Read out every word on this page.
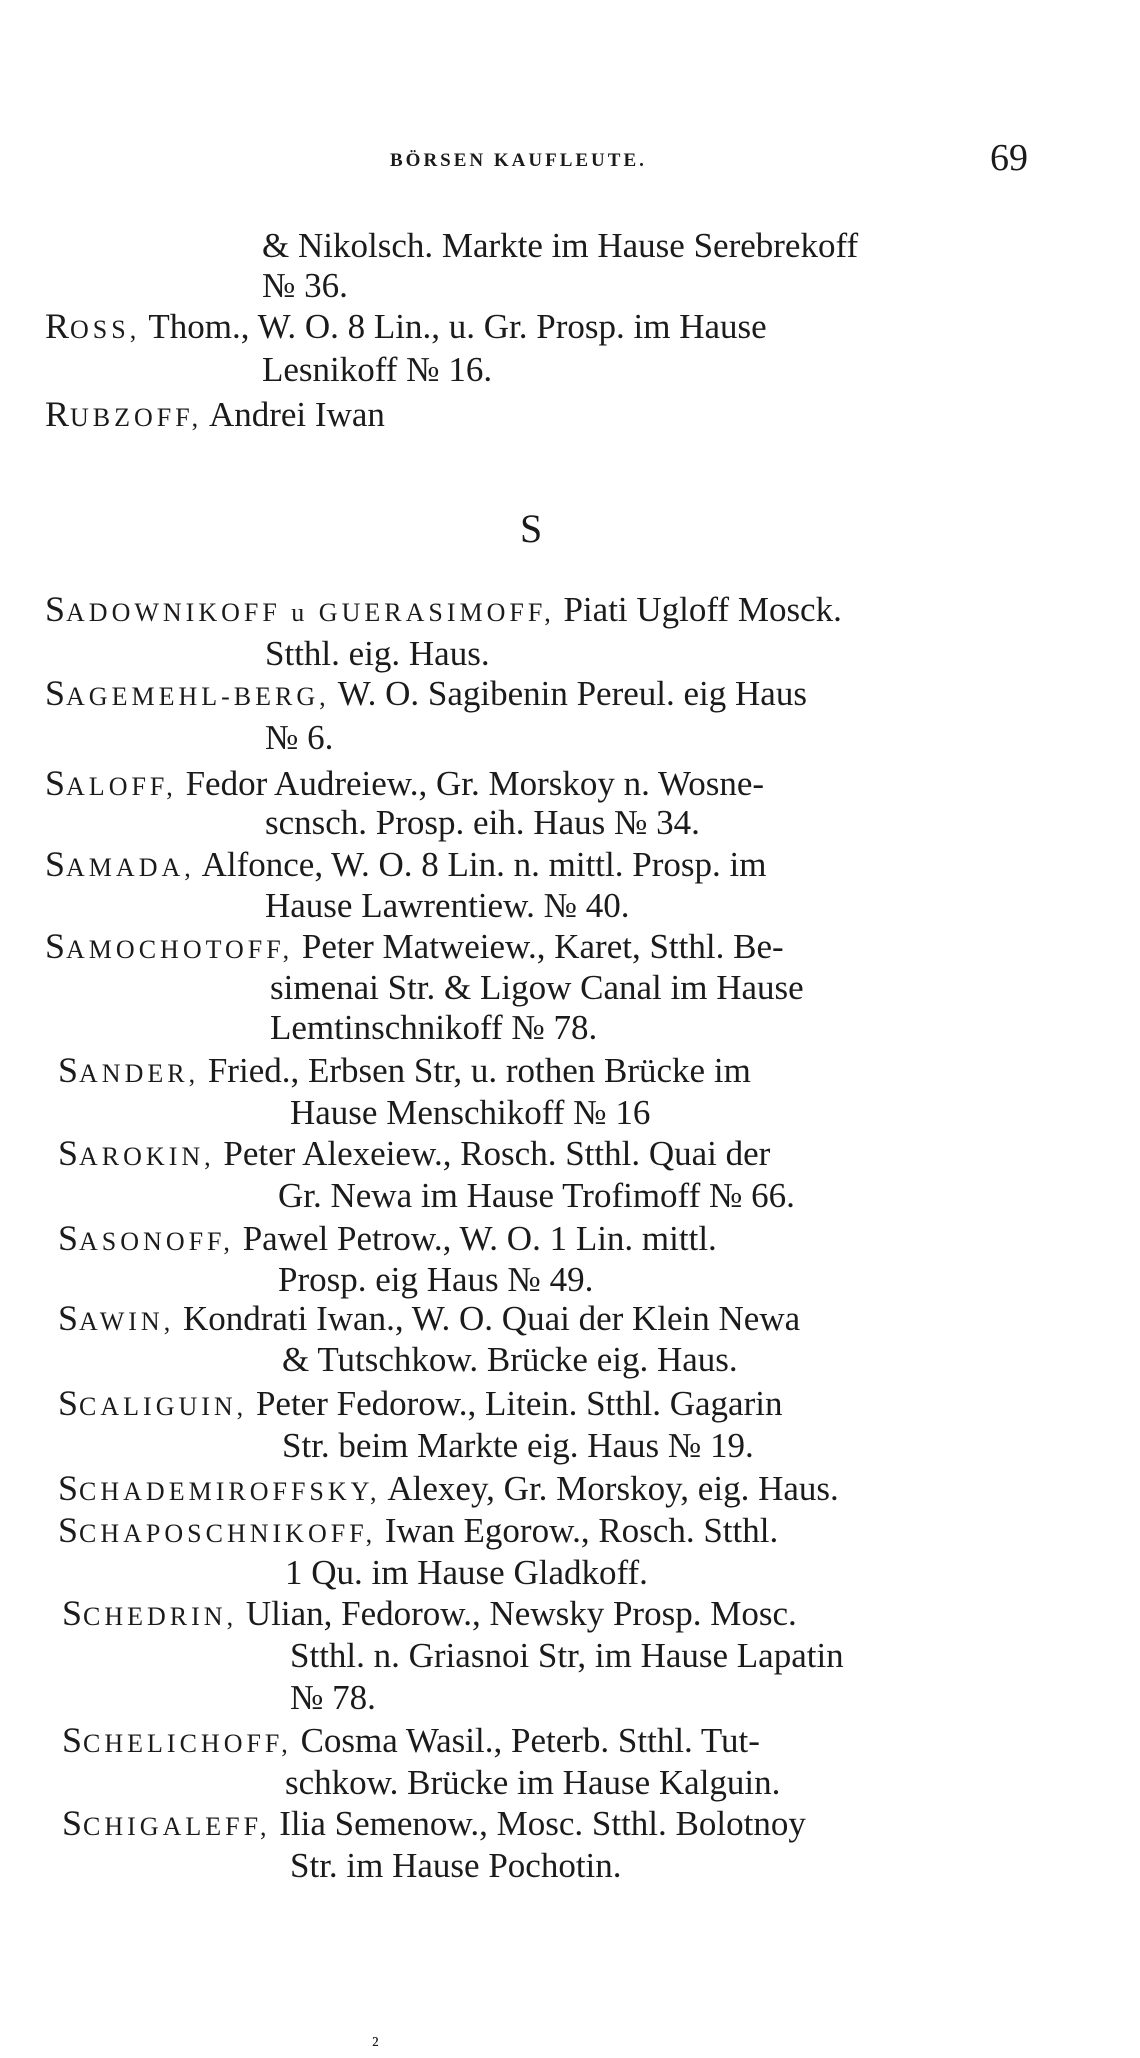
BÖRSEN KAUFLEUTE.	69
& Nikolsch. Markte im Hause Serebrekoff
№ 36.
ROSS, Thom., W. O. 8 Lin., u. Gr. Prosp. im Hause
Lesnikoff № 16.
RUBZOFF, Andrei Iwan
S
SADOWNIKOFF u GUERASIMOFF, Piati Ugloff Mosck.
Stthl. eig. Haus.
SAGEMEHL-BERG, W. O. Sagibenin Pereul. eig Haus
№ 6.
SALOFF, Fedor Audreiew., Gr. Morskoy n. Wosne-
scnsch. Prosp. eih. Haus № 34.
SAMADA, Alfonce, W. O. 8 Lin. n. mittl. Prosp. im
Hause Lawrentiew. № 40.
SAMOCHOTOFF, Peter Matweiew., Karet, Stthl. Be-
simenai Str. & Ligow Canal im Hause
Lemtinschnikoff № 78.
SANDER, Fried., Erbsen Str, u. rothen Brücke im
Hause Menschikoff № 16
SAROKIN, Peter Alexeiew., Rosch. Stthl. Quai der
Gr. Newa im Hause Trofimoff № 66.
SASONOFF, Pawel Petrow., W. O. 1 Lin. mittl.
Prosp. eig Haus № 49.
SAWIN, Kondrati Iwan., W. O. Quai der Klein Newa
& Tutschkow. Brücke eig. Haus.
SCALIGUIN, Peter Fedorow., Litein. Stthl. Gagarin
Str. beim Markte eig. Haus № 19.
SCHADEMIROFFSKY, Alexey, Gr. Morskoy, eig. Haus.
SCHAPOSCHNIKOFF, Iwan Egorow., Rosch. Stthl.
1 Qu. im Hause Gladkoff.
SCHEDRIN, Ulian, Fedorow., Newsky Prosp. Mosc.
Stthl. n. Griasnoi Str, im Hause Lapatin
№ 78.
SCHELICHOFF, Cosma Wasil., Peterb. Stthl. Tut-
schkow. Brücke im Hause Kalguin.
SCHIGALEFF, Ilia Semenow., Mosc. Stthl. Bolotnoy
Str. im Hause Pochotin.
²
